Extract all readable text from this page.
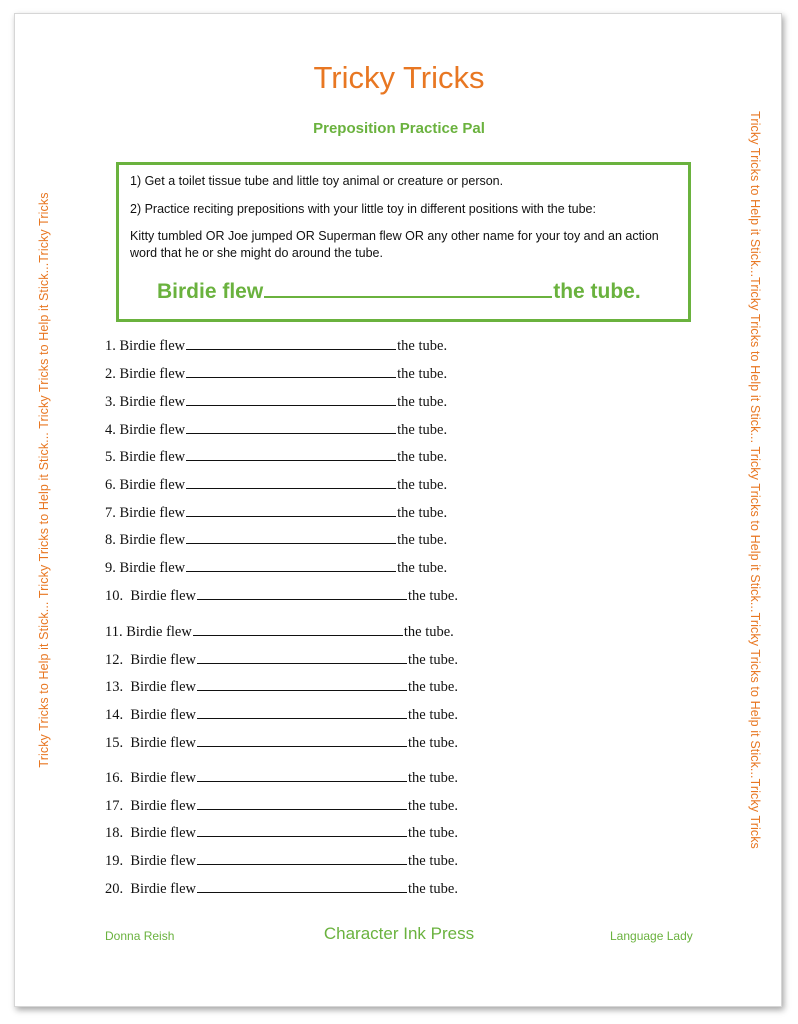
Tricky Tricks to Help it Stick... Tricky Tricks to Help it Stick... Tricky Tricks to Help it Stick...Tricky Tricks	Tricky Tricks to Help it Stick...Tricky Tricks to Help it Stick... Tricky Tricks to Help it Stick...Tricky Tricks to Help it Stick...Tricky Tricks
Tricky Tricks
Preposition Practice Pal
1) Get a toilet tissue tube and little toy animal or creature or person.
2) Practice reciting prepositions with your little toy in different positions with the tube:
Kitty tumbled OR Joe jumped OR Superman flew OR any other name for your toy and an action word that he or she might do around the tube.
Birdie flew	the tube.
1. Birdie flew	the tube.
2. Birdie flew	the tube.
3. Birdie flew	the tube.
4. Birdie flew	the tube.
5. Birdie flew	the tube.
6. Birdie flew	the tube.
7. Birdie flew	the tube.
8. Birdie flew	the tube.
9. Birdie flew	the tube.
10.  Birdie flew	the tube.
11. Birdie flew	the tube.
12.  Birdie flew	the tube.
13.  Birdie flew	the tube.
14.  Birdie flew	the tube.
15.  Birdie flew	the tube.
16.  Birdie flew	the tube.
17.  Birdie flew	the tube.
18.  Birdie flew	the tube.
19.  Birdie flew	the tube.
20.  Birdie flew	the tube.
Donna Reish	Character Ink Press	Language Lady
